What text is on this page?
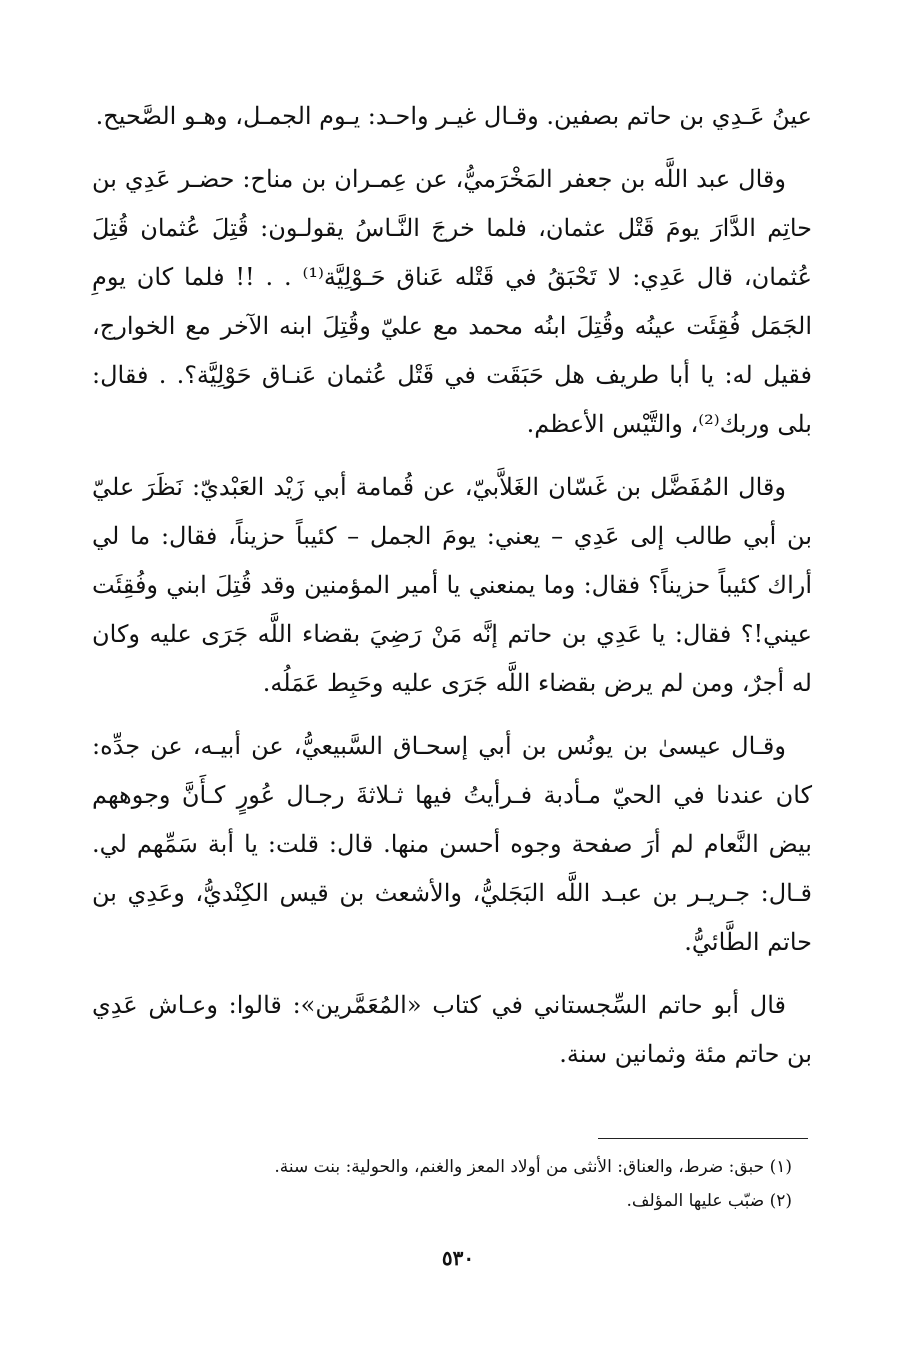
عينُ عَـدِي بن حاتم بصفين. وقـال غيـر واحـد: يـوم الجمـل، وهـو الصَّحيح.

وقال عبد اللَّه بن جعفر المَخْرَميُّ، عن عِمـران بن مناح: حضـر عَدِي بن حاتِم الدَّارَ يومَ قَتْل عثمان، فلما خرجَ النَّـاسُ يقولـون: قُتِلَ عُثمان قُتِلَ عُثمان، قال عَدِي: لا تَحْبَقُ في قَتْله عَناق حَـوْلِيَّة⁽¹⁾ . . !! فلما كان يومِ الجَمَل فُقِئَت عينُه وقُتِلَ ابنُه محمد مع عليّ وقُتِلَ ابنه الآخر مع الخوارج، فقيل له: يا أبا طريف هل حَبَقَت في قَتْل عُثمان عَنـاق حَوْلِيَّة؟. . فقال: بلى وربك⁽²⁾، والتَّيْس الأعظم.

وقال المُفَضَّل بن غَسّان الغَلاَّبيّ، عن قُمامة أبي زَيْد العَبْديّ: نَظَرَ عليّ بن أبي طالب إلى عَدِي – يعني: يومَ الجمل – كئيباً حزيناً، فقال: ما لي أراك كئيباً حزيناً؟ فقال: وما يمنعني يا أمير المؤمنين وقد قُتِلَ ابني وفُقِئَت عيني!؟ فقال: يا عَدِي بن حاتم إنَّه مَنْ رَضِيَ بقضاء اللَّه جَرَى عليه وكان له أجرٌ، ومن لم يرض بقضاء اللَّه جَرَى عليه وحَبِط عَمَلُه.

وقـال عيسىٰ بن يونُس بن أبي إسحـاق السَّبيعيُّ، عن أبيـه، عن جدِّه: كان عندنا في الحيّ مـأدبة فـرأيتُ فيها ثـلاثةَ رجـال عُورٍ كـأَنَّ وجوههم بيض النَّعام لم أرَ صفحة وجوه أحسن منها. قال: قلت: يا أبة سَمِّهم لي. قـال: جـريـر بن عبـد اللَّه البَجَليُّ، والأشعث بن قيس الكِنْديُّ، وعَدِي بن حاتم الطَّائيُّ.

قال أبو حاتم السِّجستاني في كتاب «المُعَمَّرين»: قالوا: وعـاش عَدِي بن حاتم مئة وثمانين سنة.

(١) حبق: ضرط، والعناق: الأنثى من أولاد المعز والغنم، والحولية: بنت سنة.

(٢) ضبّب عليها المؤلف.

٥٣٠
